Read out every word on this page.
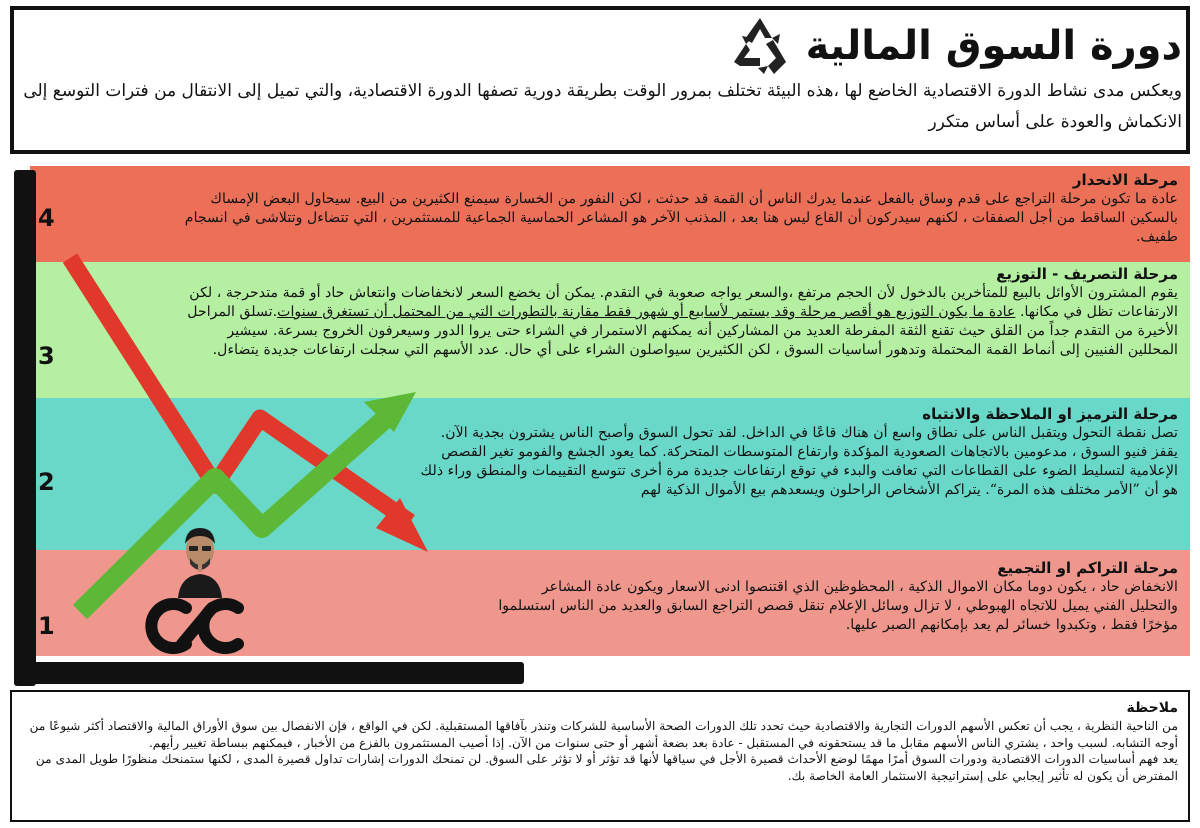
دورة السوق المالية
ويعكس مدى نشاط الدورة الاقتصادية الخاضع لها ،هذه البيئة تختلف بمرور الوقت بطريقة دورية تصفها الدورة الاقتصادية، والتي تميل إلى الانتقال من فترات التوسع إلى الانكماش والعودة على أساس متكرر
مرحلة الانحدار
عادة ما تكون مرحلة التراجع على قدم وساق بالفعل عندما يدرك الناس أن القمة قد حدثت ، لكن النفور من الخسارة سيمنع الكثيرين من البيع. سيحاول البعض الإمساك بالسكين الساقط من أجل الصفقات ، لكنهم سيدركون أن القاع ليس هنا بعد ، المذنب الآخر هو المشاعر الحماسية الجماعية للمستثمرين ، التي تتضاءل وتتلاشى في انسجام طفيف.
مرحلة التصريف - التوزيع
يقوم المشترون الأوائل بالبيع للمتأخرين بالدخول لأن الحجم مرتفع ،والسعر يواجه صعوبة في التقدم. يمكن أن يخضع السعر لانخفاضات وانتعاش حاد أو قمة متدحرجة ، لكن الارتفاعات تظل في مكانها. عادة ما يكون التوزيع هو أقصر مرحلة وقد يستمر لأسابيع أو شهور فقط مقارنة بالتطورات التي من المحتمل أن تستغرق سنوات.تسلق المراحل الأخيرة من التقدم جداً من القلق حيث تقنع الثقة المفرطة العديد من المشاركين أنه يمكنهم الاستمرار في الشراء حتى يروا الدور وسيعرفون الخروج بسرعة. سيشير المحللين الفنيين إلى أنماط القمة المحتملة وتدهور أساسيات السوق ، لكن الكثيرين سيواصلون الشراء على أي حال. عدد الأسهم التي سجلت ارتفاعات جديدة يتضاءل.
مرحلة الترميز او الملاحظة والانتباه
تصل نقطة التحول ويتقبل الناس على نطاق واسع أن هناك قاعًا في الداخل. لقد تحول السوق وأصبح الناس يشترون بجدية الآن. يقفز فنيو السوق ، مدعومين بالاتجاهات الصعودية المؤكدة وارتفاع المتوسطات المتحركة. كما يعود الجشع والفومو تغير القصص الإعلامية لتسليط الضوء على القطاعات التي تعافت والبدء في توقع ارتفاعات جديدة مرة أخرى تتوسع التقييمات والمنطق وراء ذلك هو أن ”الأمر مختلف هذه المرة“. يتراكم الأشخاص الراحلون ويسعدهم بيع الأموال الذكية لهم
مرحلة التراكم او التجميع
الانخفاض حاد ، يكون دوما مكان الاموال الذكية ، المحظوظين الذي اقتنصوا ادنى الاسعار ويكون عادة المشاعر والتحليل الفني يميل للاتجاه الهبوطي ، لا تزال وسائل الإعلام تنقل قصص التراجع السابق والعديد من الناس استسلموا مؤخرًا فقط ، وتكبدوا خسائر لم يعد بإمكانهم الصبر عليها.
4
3
2
1
ملاحظة
من الناحية النظرية ، يجب أن تعكس الأسهم الدورات التجارية والاقتصادية حيث تحدد تلك الدورات الصحة الأساسية للشركات وتنذر بآفاقها المستقبلية. لكن في الواقع ، فإن الانفصال بين سوق الأوراق المالية والاقتصاد أكثر شيوعًا من أوجه التشابه. لسبب واحد ، يشتري الناس الأسهم مقابل ما قد يستحقونه في المستقبل - عادة بعد بضعة أشهر أو حتى سنوات من الآن. إذا أصيب المستثمرون بالفزع من الأخبار ، فيمكنهم ببساطة تغيير رأيهم.
يعد فهم أساسيات الدورات الاقتصادية ودورات السوق أمرًا مهمًا لوضع الأحداث قصيرة الأجل في سياقها لأنها قد تؤثر أو لا تؤثر على السوق. لن تمنحك الدورات إشارات تداول قصيرة المدى ، لكنها ستمنحك منظورًا طويل المدى من المفترض أن يكون له تأثير إيجابي على إستراتيجية الاستثمار العامة الخاصة بك.
